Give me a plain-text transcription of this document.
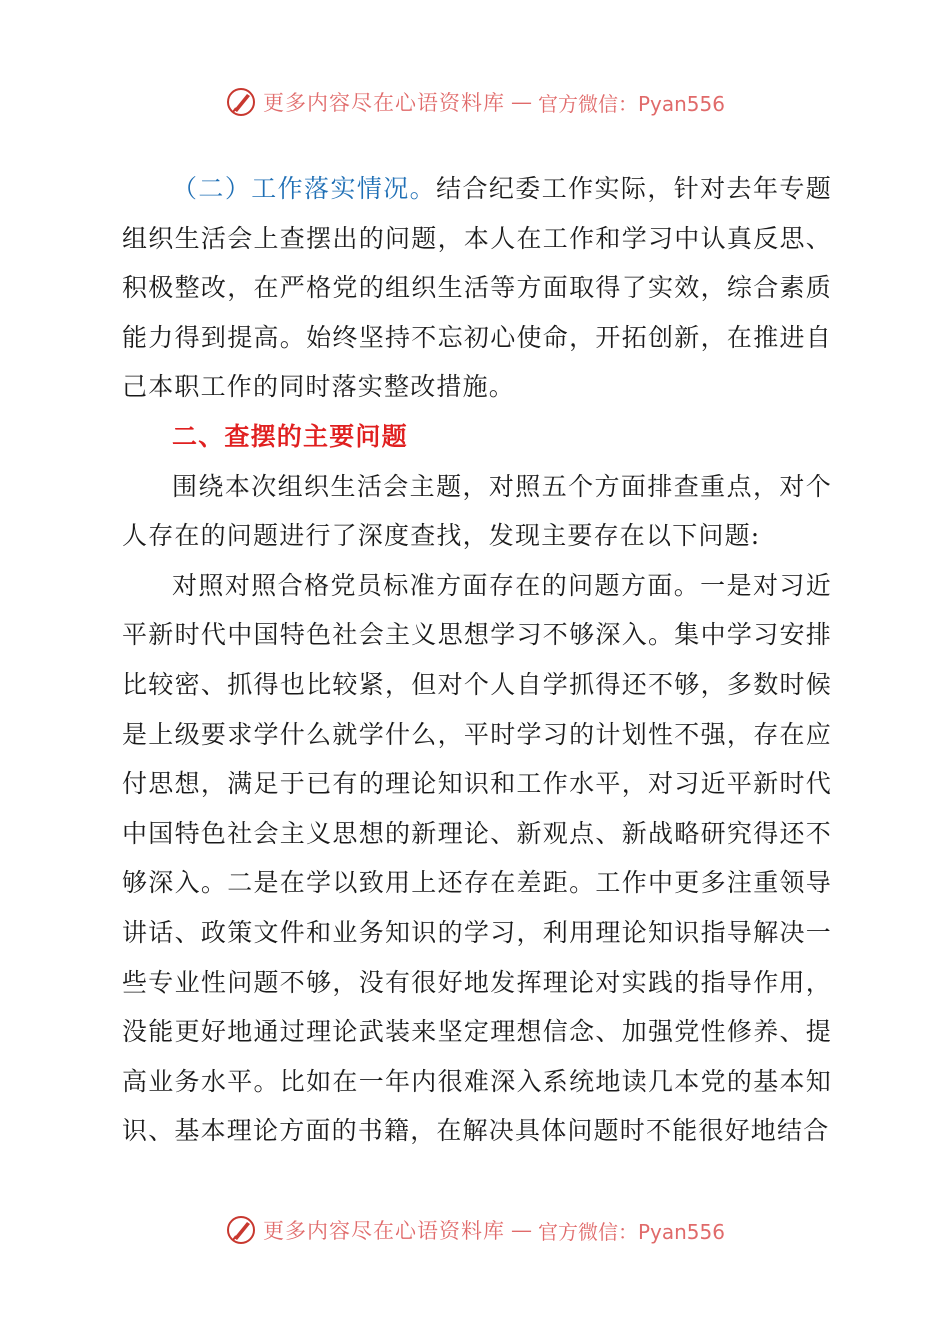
更多内容尽在心语资料库 — 官方微信：Pyan556

（二）工作落实情况。结合纪委工作实际，针对去年专题组织生活会上查摆出的问题，本人在工作和学习中认真反思、积极整改，在严格党的组织生活等方面取得了实效，综合素质能力得到提高。始终坚持不忘初心使命，开拓创新，在推进自己本职工作的同时落实整改措施。

二、查摆的主要问题

围绕本次组织生活会主题，对照五个方面排查重点，对个人存在的问题进行了深度查找，发现主要存在以下问题:

对照对照合格党员标准方面存在的问题方面。一是对习近平新时代中国特色社会主义思想学习不够深入。集中学习安排比较密、抓得也比较紧，但对个人自学抓得还不够，多数时候是上级要求学什么就学什么，平时学习的计划性不强，存在应付思想，满足于已有的理论知识和工作水平，对习近平新时代中国特色社会主义思想的新理论、新观点、新战略研究得还不够深入。二是在学以致用上还存在差距。工作中更多注重领导讲话、政策文件和业务知识的学习，利用理论知识指导解决一些专业性问题不够，没有很好地发挥理论对实践的指导作用，没能更好地通过理论武装来坚定理想信念、加强党性修养、提高业务水平。比如在一年内很难深入系统地读几本党的基本知识、基本理论方面的书籍，在解决具体问题时不能很好地结合

更多内容尽在心语资料库 — 官方微信：Pyan556
